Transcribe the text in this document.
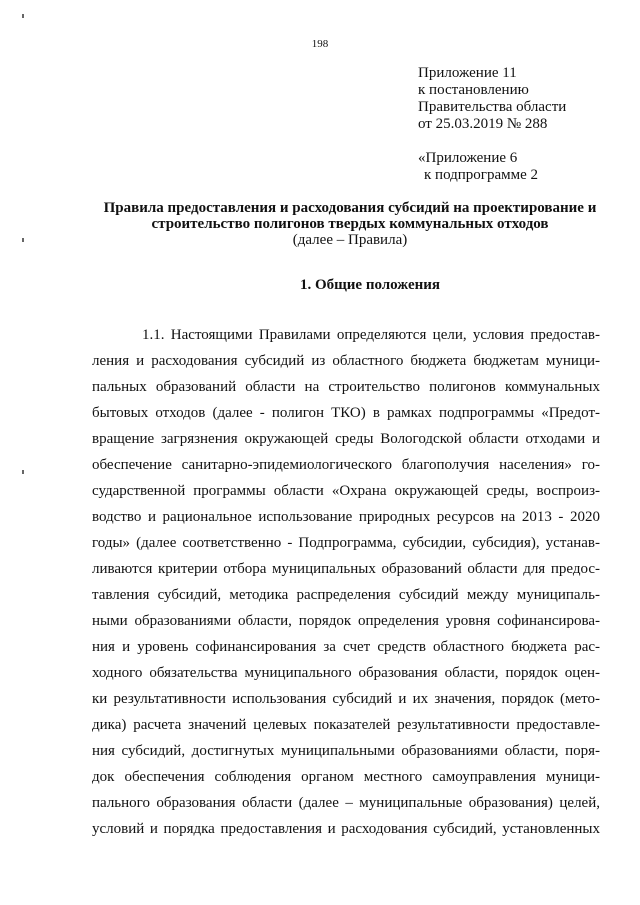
198
Приложение 11
к постановлению
Правительства области
от 25.03.2019 № 288
«Приложение 6
к подпрограмме 2
Правила предоставления и расходования субсидий на проектирование и
строительство полигонов твердых коммунальных отходов
(далее – Правила)
1. Общие положения
1.1. Настоящими Правилами определяются цели, условия предостав-
ления и расходования субсидий из областного бюджета бюджетам муници-
пальных образований области на строительство полигонов коммунальных
бытовых отходов (далее - полигон ТКО) в рамках подпрограммы «Предот-
вращение загрязнения окружающей среды Вологодской области отходами и
обеспечение санитарно-эпидемиологического благополучия населения» го-
сударственной программы области «Охрана окружающей среды, воспроиз-
водство и рациональное использование природных ресурсов на 2013 - 2020
годы» (далее соответственно - Подпрограмма, субсидии, субсидия), устанав-
ливаются критерии отбора муниципальных образований области для предос-
тавления субсидий, методика распределения субсидий между муниципаль-
ными образованиями области, порядок определения уровня софинансирова-
ния и уровень софинансирования за счет средств областного бюджета рас-
ходного обязательства муниципального образования области, порядок оцен-
ки результативности использования субсидий и их значения, порядок (мето-
дика) расчета значений целевых показателей результативности предоставле-
ния субсидий, достигнутых муниципальными образованиями области, поря-
док обеспечения соблюдения органом местного самоуправления муници-
пального образования области (далее – муниципальные образования) целей,
условий и порядка предоставления и расходования субсидий, установленных
